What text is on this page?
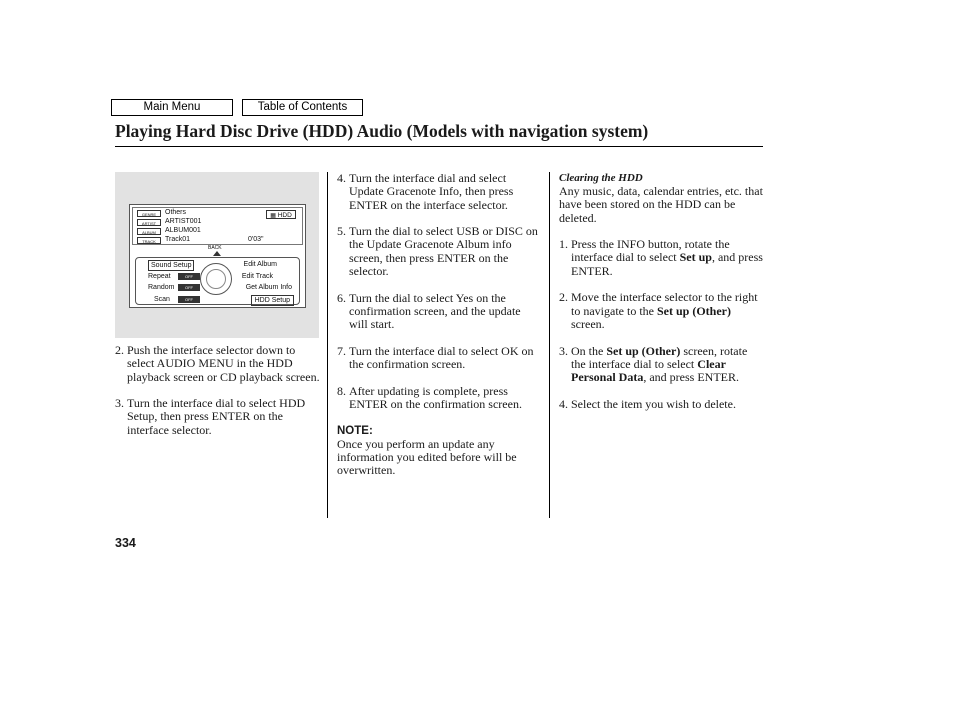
Main Menu	Table of Contents
Playing Hard Disc Drive (HDD) Audio (Models with navigation system)
GENRE	Others
ARTIST	ARTIST001
ALBUM	ALBUM001
TRACK	Track01
▦ HDD
0'03"
BACK
Sound Setup
Repeat	OFF
Random	OFF
Scan	OFF
Edit Album
Edit Track
Get Album Info
HDD Setup
2. Push the interface selector down to select AUDIO MENU in the HDD playback screen or CD playback screen.
3. Turn the interface dial to select HDD Setup, then press ENTER on the interface selector.
4. Turn the interface dial and select Update Gracenote Info, then press ENTER on the interface selector.
5. Turn the dial to select USB or DISC on the Update Gracenote Album info screen, then press ENTER on the selector.
6. Turn the dial to select Yes on the confirmation screen, and the update will start.
7. Turn the interface dial to select OK on the confirmation screen.
8. After updating is complete, press ENTER on the confirmation screen.
NOTE:
Once you perform an update any information you edited before will be overwritten.
Clearing the HDD
Any music, data, calendar entries, etc. that have been stored on the HDD can be deleted.
1. Press the INFO button, rotate the interface dial to select Set up, and press ENTER.
2. Move the interface selector to the right to navigate to the Set up (Other) screen.
3. On the Set up (Other) screen, rotate the interface dial to select Clear Personal Data, and press ENTER.
4. Select the item you wish to delete.
334
